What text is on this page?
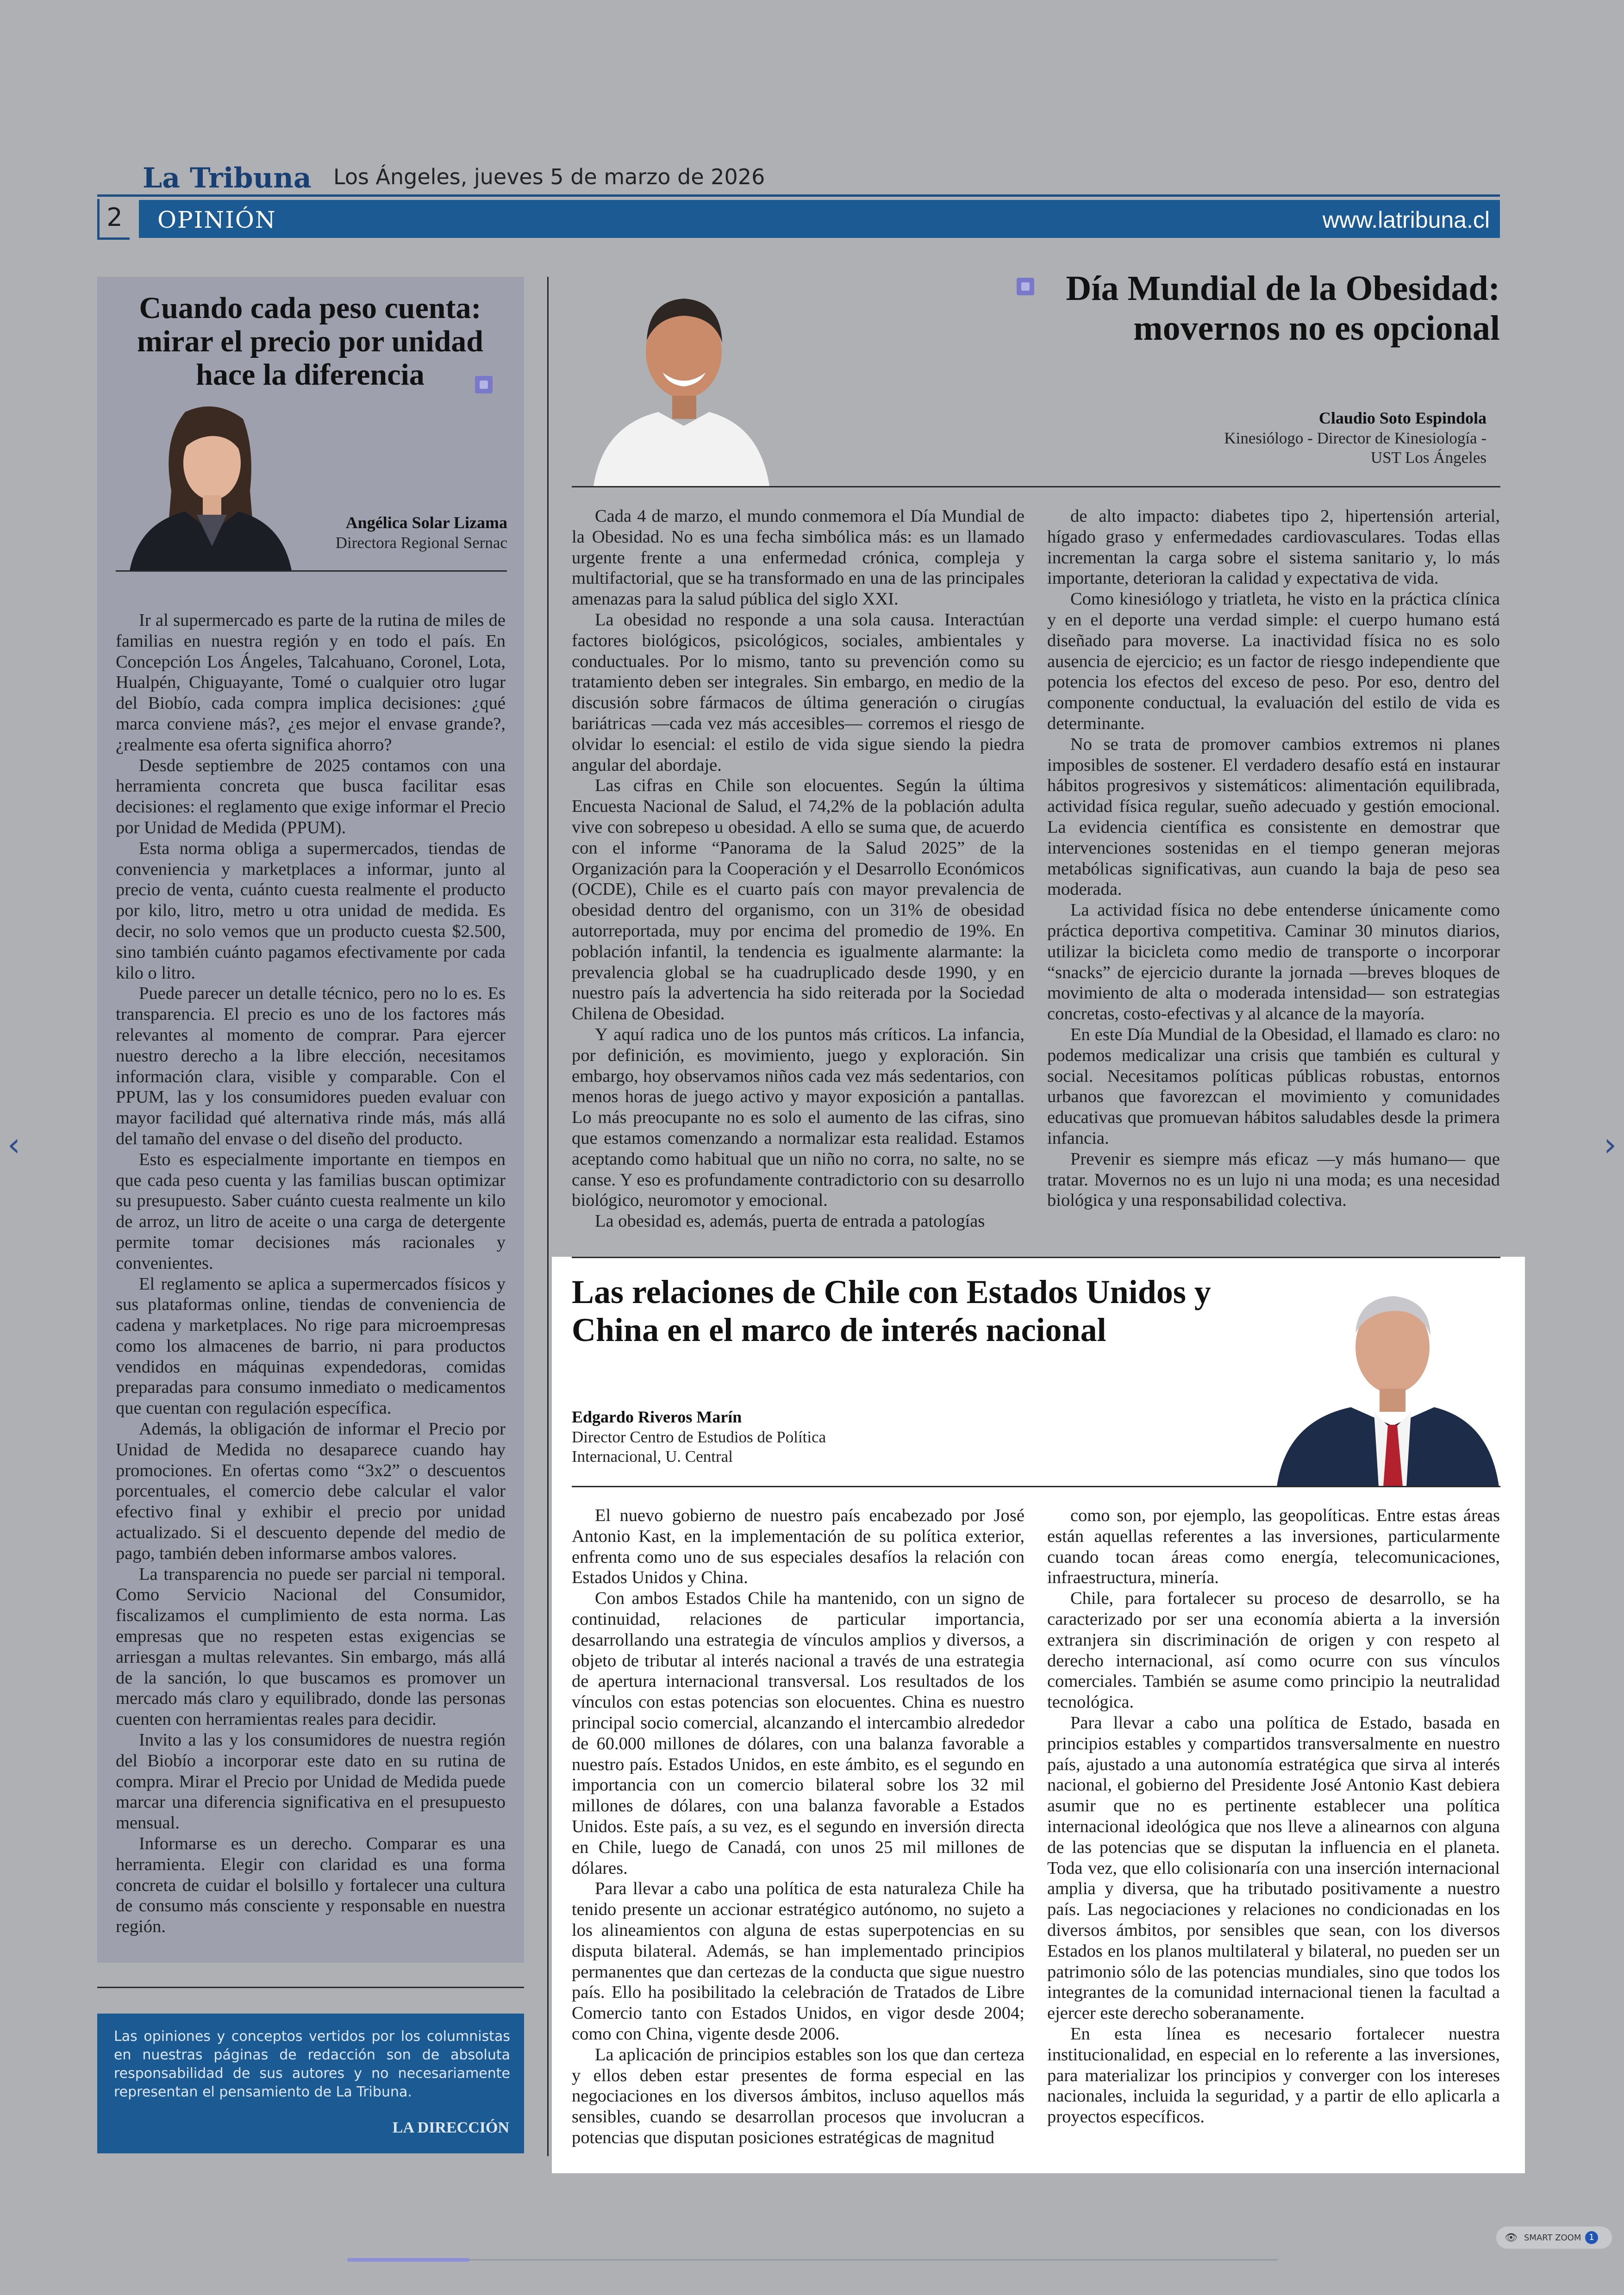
La Tribuna Los Ángeles, jueves 5 de marzo de 2026
2	OPINIÓN	www.latribuna.cl
Cuando cada peso cuenta: mirar el precio por unidad hace la diferencia
Angélica Solar Lizama
Directora Regional Sernac

Ir al supermercado es parte de la rutina de miles de familias en nuestra región y en todo el país. En Concepción Los Ángeles, Talcahuano, Coronel, Lota, Hualpén, Chiguayante, Tomé o cualquier otro lugar del Biobío, cada compra implica decisiones: ¿qué marca conviene más?, ¿es mejor el envase grande?, ¿realmente esa oferta significa ahorro?

Desde septiembre de 2025 contamos con una herramienta concreta que busca facilitar esas decisiones: el reglamento que exige informar el Precio por Unidad de Medida (PPUM).

Esta norma obliga a supermercados, tiendas de conveniencia y marketplaces a informar, junto al precio de venta, cuánto cuesta realmente el producto por kilo, litro, metro u otra unidad de medida. Es decir, no solo vemos que un producto cuesta $2.500, sino también cuánto pagamos efectivamente por cada kilo o litro.

Puede parecer un detalle técnico, pero no lo es. Es transparencia. El precio es uno de los factores más relevantes al momento de comprar. Para ejercer nuestro derecho a la libre elección, necesitamos información clara, visible y comparable. Con el PPUM, las y los consumidores pueden evaluar con mayor facilidad qué alternativa rinde más, más allá del tamaño del envase o del diseño del producto.

Esto es especialmente importante en tiempos en que cada peso cuenta y las familias buscan optimizar su presupuesto. Saber cuánto cuesta realmente un kilo de arroz, un litro de aceite o una carga de detergente permite tomar decisiones más racionales y convenientes.

El reglamento se aplica a supermercados físicos y sus plataformas online, tiendas de conveniencia de cadena y marketplaces. No rige para microempresas como los almacenes de barrio, ni para productos vendidos en máquinas expendedoras, comidas preparadas para consumo inmediato o medicamentos que cuentan con regulación específica.

Además, la obligación de informar el Precio por Unidad de Medida no desaparece cuando hay promociones. En ofertas como “3x2” o descuentos porcentuales, el comercio debe calcular el valor efectivo final y exhibir el precio por unidad actualizado. Si el descuento depende del medio de pago, también deben informarse ambos valores.

La transparencia no puede ser parcial ni temporal. Como Servicio Nacional del Consumidor, fiscalizamos el cumplimiento de esta norma. Las empresas que no respeten estas exigencias se arriesgan a multas relevantes. Sin embargo, más allá de la sanción, lo que buscamos es promover un mercado más claro y equilibrado, donde las personas cuenten con herramientas reales para decidir.

Invito a las y los consumidores de nuestra región del Biobío a incorporar este dato en su rutina de compra. Mirar el Precio por Unidad de Medida puede marcar una diferencia significativa en el presupuesto mensual.

Informarse es un derecho. Comparar es una herramienta. Elegir con claridad es una forma concreta de cuidar el bolsillo y fortalecer una cultura de consumo más consciente y responsable en nuestra región.

Las opiniones y conceptos vertidos por los columnistas en nuestras páginas de redacción son de absoluta responsabilidad de sus autores y no necesariamente representan el pensamiento de La Tribuna.
LA DIRECCIÓN
Día Mundial de la Obesidad:
movernos no es opcional
Claudio Soto Espindola
Kinesiólogo - Director de Kinesiología -
UST Los Ángeles

Cada 4 de marzo, el mundo conmemora el Día Mundial de la Obesidad. No es una fecha simbólica más: es un llamado urgente frente a una enfermedad crónica, compleja y multifactorial, que se ha transformado en una de las principales amenazas para la salud pública del siglo XXI.

La obesidad no responde a una sola causa. Interactúan factores biológicos, psicológicos, sociales, ambientales y conductuales. Por lo mismo, tanto su prevención como su tratamiento deben ser integrales. Sin embargo, en medio de la discusión sobre fármacos de última generación o cirugías bariátricas —cada vez más accesibles— corremos el riesgo de olvidar lo esencial: el estilo de vida sigue siendo la piedra angular del abordaje.

Las cifras en Chile son elocuentes. Según la última Encuesta Nacional de Salud, el 74,2% de la población adulta vive con sobrepeso u obesidad. A ello se suma que, de acuerdo con el informe “Panorama de la Salud 2025” de la Organización para la Cooperación y el Desarrollo Económicos (OCDE), Chile es el cuarto país con mayor prevalencia de obesidad dentro del organismo, con un 31% de obesidad autorreportada, muy por encima del promedio de 19%. En población infantil, la tendencia es igualmente alarmante: la prevalencia global se ha cuadruplicado desde 1990, y en nuestro país la advertencia ha sido reiterada por la Sociedad Chilena de Obesidad.

Y aquí radica uno de los puntos más críticos. La infancia, por definición, es movimiento, juego y exploración. Sin embargo, hoy observamos niños cada vez más sedentarios, con menos horas de juego activo y mayor exposición a pantallas. Lo más preocupante no es solo el aumento de las cifras, sino que estamos comenzando a normalizar esta realidad. Estamos aceptando como habitual que un niño no corra, no salte, no se canse. Y eso es profundamente contradictorio con su desarrollo biológico, neuromotor y emocional.

La obesidad es, además, puerta de entrada a patologías

de alto impacto: diabetes tipo 2, hipertensión arterial, hígado graso y enfermedades cardiovasculares. Todas ellas incrementan la carga sobre el sistema sanitario y, lo más importante, deterioran la calidad y expectativa de vida.

Como kinesiólogo y triatleta, he visto en la práctica clínica y en el deporte una verdad simple: el cuerpo humano está diseñado para moverse. La inactividad física no es solo ausencia de ejercicio; es un factor de riesgo independiente que potencia los efectos del exceso de peso. Por eso, dentro del componente conductual, la evaluación del estilo de vida es determinante.

No se trata de promover cambios extremos ni planes imposibles de sostener. El verdadero desafío está en instaurar hábitos progresivos y sistemáticos: alimentación equilibrada, actividad física regular, sueño adecuado y gestión emocional. La evidencia científica es consistente en demostrar que intervenciones sostenidas en el tiempo generan mejoras metabólicas significativas, aun cuando la baja de peso sea moderada.

La actividad física no debe entenderse únicamente como práctica deportiva competitiva. Caminar 30 minutos diarios, utilizar la bicicleta como medio de transporte o incorporar “snacks” de ejercicio durante la jornada —breves bloques de movimiento de alta o moderada intensidad— son estrategias concretas, costo-efectivas y al alcance de la mayoría.

En este Día Mundial de la Obesidad, el llamado es claro: no podemos medicalizar una crisis que también es cultural y social. Necesitamos políticas públicas robustas, entornos urbanos que favorezcan el movimiento y comunidades educativas que promuevan hábitos saludables desde la primera infancia.

Prevenir es siempre más eficaz —y más humano— que tratar. Movernos no es un lujo ni una moda; es una necesidad biológica y una responsabilidad colectiva.

Las relaciones de Chile con Estados Unidos y China en el marco de interés nacional
Edgardo Riveros Marín
Director Centro de Estudios de Política
Internacional, U. Central

El nuevo gobierno de nuestro país encabezado por José Antonio Kast, en la implementación de su política exterior, enfrenta como uno de sus especiales desafíos la relación con Estados Unidos y China.

Con ambos Estados Chile ha mantenido, con un signo de continuidad, relaciones de particular importancia, desarrollando una estrategia de vínculos amplios y diversos, a objeto de tributar al interés nacional a través de una estrategia de apertura internacional transversal. Los resultados de los vínculos con estas potencias son elocuentes. China es nuestro principal socio comercial, alcanzando el intercambio alrededor de 60.000 millones de dólares, con una balanza favorable a nuestro país. Estados Unidos, en este ámbito, es el segundo en importancia con un comercio bilateral sobre los 32 mil millones de dólares, con una balanza favorable a Estados Unidos. Este país, a su vez, es el segundo en inversión directa en Chile, luego de Canadá, con unos 25 mil millones de dólares.

Para llevar a cabo una política de esta naturaleza Chile ha tenido presente un accionar estratégico autónomo, no sujeto a los alineamientos con alguna de estas superpotencias en su disputa bilateral. Además, se han implementado principios permanentes que dan certezas de la conducta que sigue nuestro país. Ello ha posibilitado la celebración de Tratados de Libre Comercio tanto con Estados Unidos, en vigor desde 2004; como con China, vigente desde 2006.

La aplicación de principios estables son los que dan certeza y ellos deben estar presentes de forma especial en las negociaciones en los diversos ámbitos, incluso aquellos más sensibles, cuando se desarrollan procesos que involucran a potencias que disputan posiciones estratégicas de magnitud

como son, por ejemplo, las geopolíticas. Entre estas áreas están aquellas referentes a las inversiones, particularmente cuando tocan áreas como energía, telecomunicaciones, infraestructura, minería.

Chile, para fortalecer su proceso de desarrollo, se ha caracterizado por ser una economía abierta a la inversión extranjera sin discriminación de origen y con respeto al derecho internacional, así como ocurre con sus vínculos comerciales. También se asume como principio la neutralidad tecnológica.

Para llevar a cabo una política de Estado, basada en principios estables y compartidos transversalmente en nuestro país, ajustado a una autonomía estratégica que sirva al interés nacional, el gobierno del Presidente José Antonio Kast debiera asumir que no es pertinente establecer una política internacional ideológica que nos lleve a alinearnos con alguna de las potencias que se disputan la influencia en el planeta. Toda vez, que ello colisionaría con una inserción internacional amplia y diversa, que ha tributado positivamente a nuestro país. Las negociaciones y relaciones no condicionadas en los diversos ámbitos, por sensibles que sean, con los diversos Estados en los planos multilateral y bilateral, no pueden ser un patrimonio sólo de las potencias mundiales, sino que todos los integrantes de la comunidad internacional tienen la facultad a ejercer este derecho soberanamente.

En esta línea es necesario fortalecer nuestra institucionalidad, en especial en lo referente a las inversiones, para materializar los principios y converger con los intereses nacionales, incluida la seguridad, y a partir de ello aplicarla a proyectos específicos.

‹	›
👁 SMART ZOOM 1
